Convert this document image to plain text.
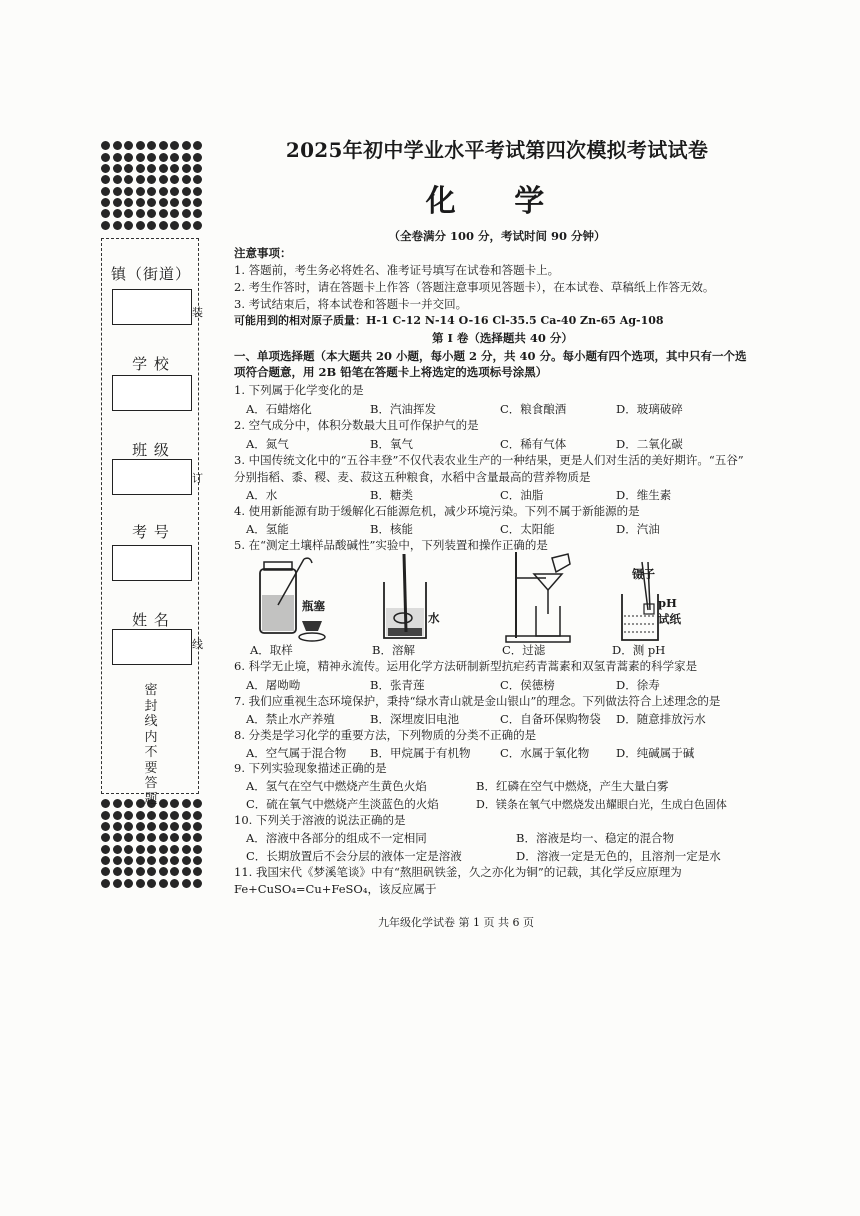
镇（街道）
学 校
班 级
考 号
姓 名
密封线内不要答题
装
订
线
2025年初中学业水平考试第四次模拟考试试卷
化 学
（全卷满分 100 分，考试时间 90 分钟）
注意事项：
1. 答题前，考生务必将姓名、准考证号填写在试卷和答题卡上。
2. 考生作答时，请在答题卡上作答（答题注意事项见答题卡），在本试卷、草稿纸上作答无效。
3. 考试结束后，将本试卷和答题卡一并交回。
可能用到的相对原子质量：H-1 C-12 N-14 O-16 Cl-35.5 Ca-40 Zn-65 Ag-108
第 I 卷（选择题共 40 分）
一、单项选择题（本大题共 20 小题，每小题 2 分，共 40 分。每小题有四个选项，其中只有一个选
项符合题意，用 2B 铅笔在答题卡上将选定的选项标号涂黑）
1. 下列属于化学变化的是
A．石蜡熔化	B．汽油挥发	C．粮食酿酒	D．玻璃破碎
2. 空气成分中，体积分数最大且可作保护气的是
A．氮气	B．氧气	C．稀有气体	D．二氧化碳
3. 中国传统文化中的“五谷丰登”不仅代表农业生产的一种结果，更是人们对生活的美好期许。“五谷”
分别指稻、黍、稷、麦、菽这五种粮食，水稻中含量最高的营养物质是
A．水	B．糖类	C．油脂	D．维生素
4. 使用新能源有助于缓解化石能源危机，减少环境污染。下列不属于新能源的是
A．氢能	B．核能	C．太阳能	D．汽油
5. 在“测定土壤样品酸碱性”实验中，下列装置和操作正确的是
瓶塞
水
镊子
pH
试纸
A．取样	B．溶解	C．过滤	D．测 pH
6. 科学无止境，精神永流传。运用化学方法研制新型抗疟药青蒿素和双氢青蒿素的科学家是
A．屠呦呦	B．张青莲	C．侯德榜	D．徐寿
7. 我们应重视生态环境保护，秉持“绿水青山就是金山银山”的理念。下列做法符合上述理念的是
A．禁止水产养殖	B．深埋废旧电池	C．自备环保购物袋 D．随意排放污水
8. 分类是学习化学的重要方法，下列物质的分类不正确的是
A．空气属于混合物 B．甲烷属于有机物	C．水属于氧化物 D．纯碱属于碱
9. 下列实验现象描述正确的是
A．氢气在空气中燃烧产生黄色火焰	B．红磷在空气中燃烧，产生大量白雾
C．硫在氧气中燃烧产生淡蓝色的火焰	D．镁条在氧气中燃烧发出耀眼白光，生成白色固体
10. 下列关于溶液的说法正确的是
A．溶液中各部分的组成不一定相同	B．溶液是均一、稳定的混合物
C．长期放置后不会分层的液体一定是溶液	D．溶液一定是无色的，且溶剂一定是水
11. 我国宋代《梦溪笔谈》中有“熬胆矾铁釜，久之亦化为铜”的记载，其化学反应原理为
Fe+CuSO₄=Cu+FeSO₄，该反应属于
九年级化学试卷 第 1 页 共 6 页
